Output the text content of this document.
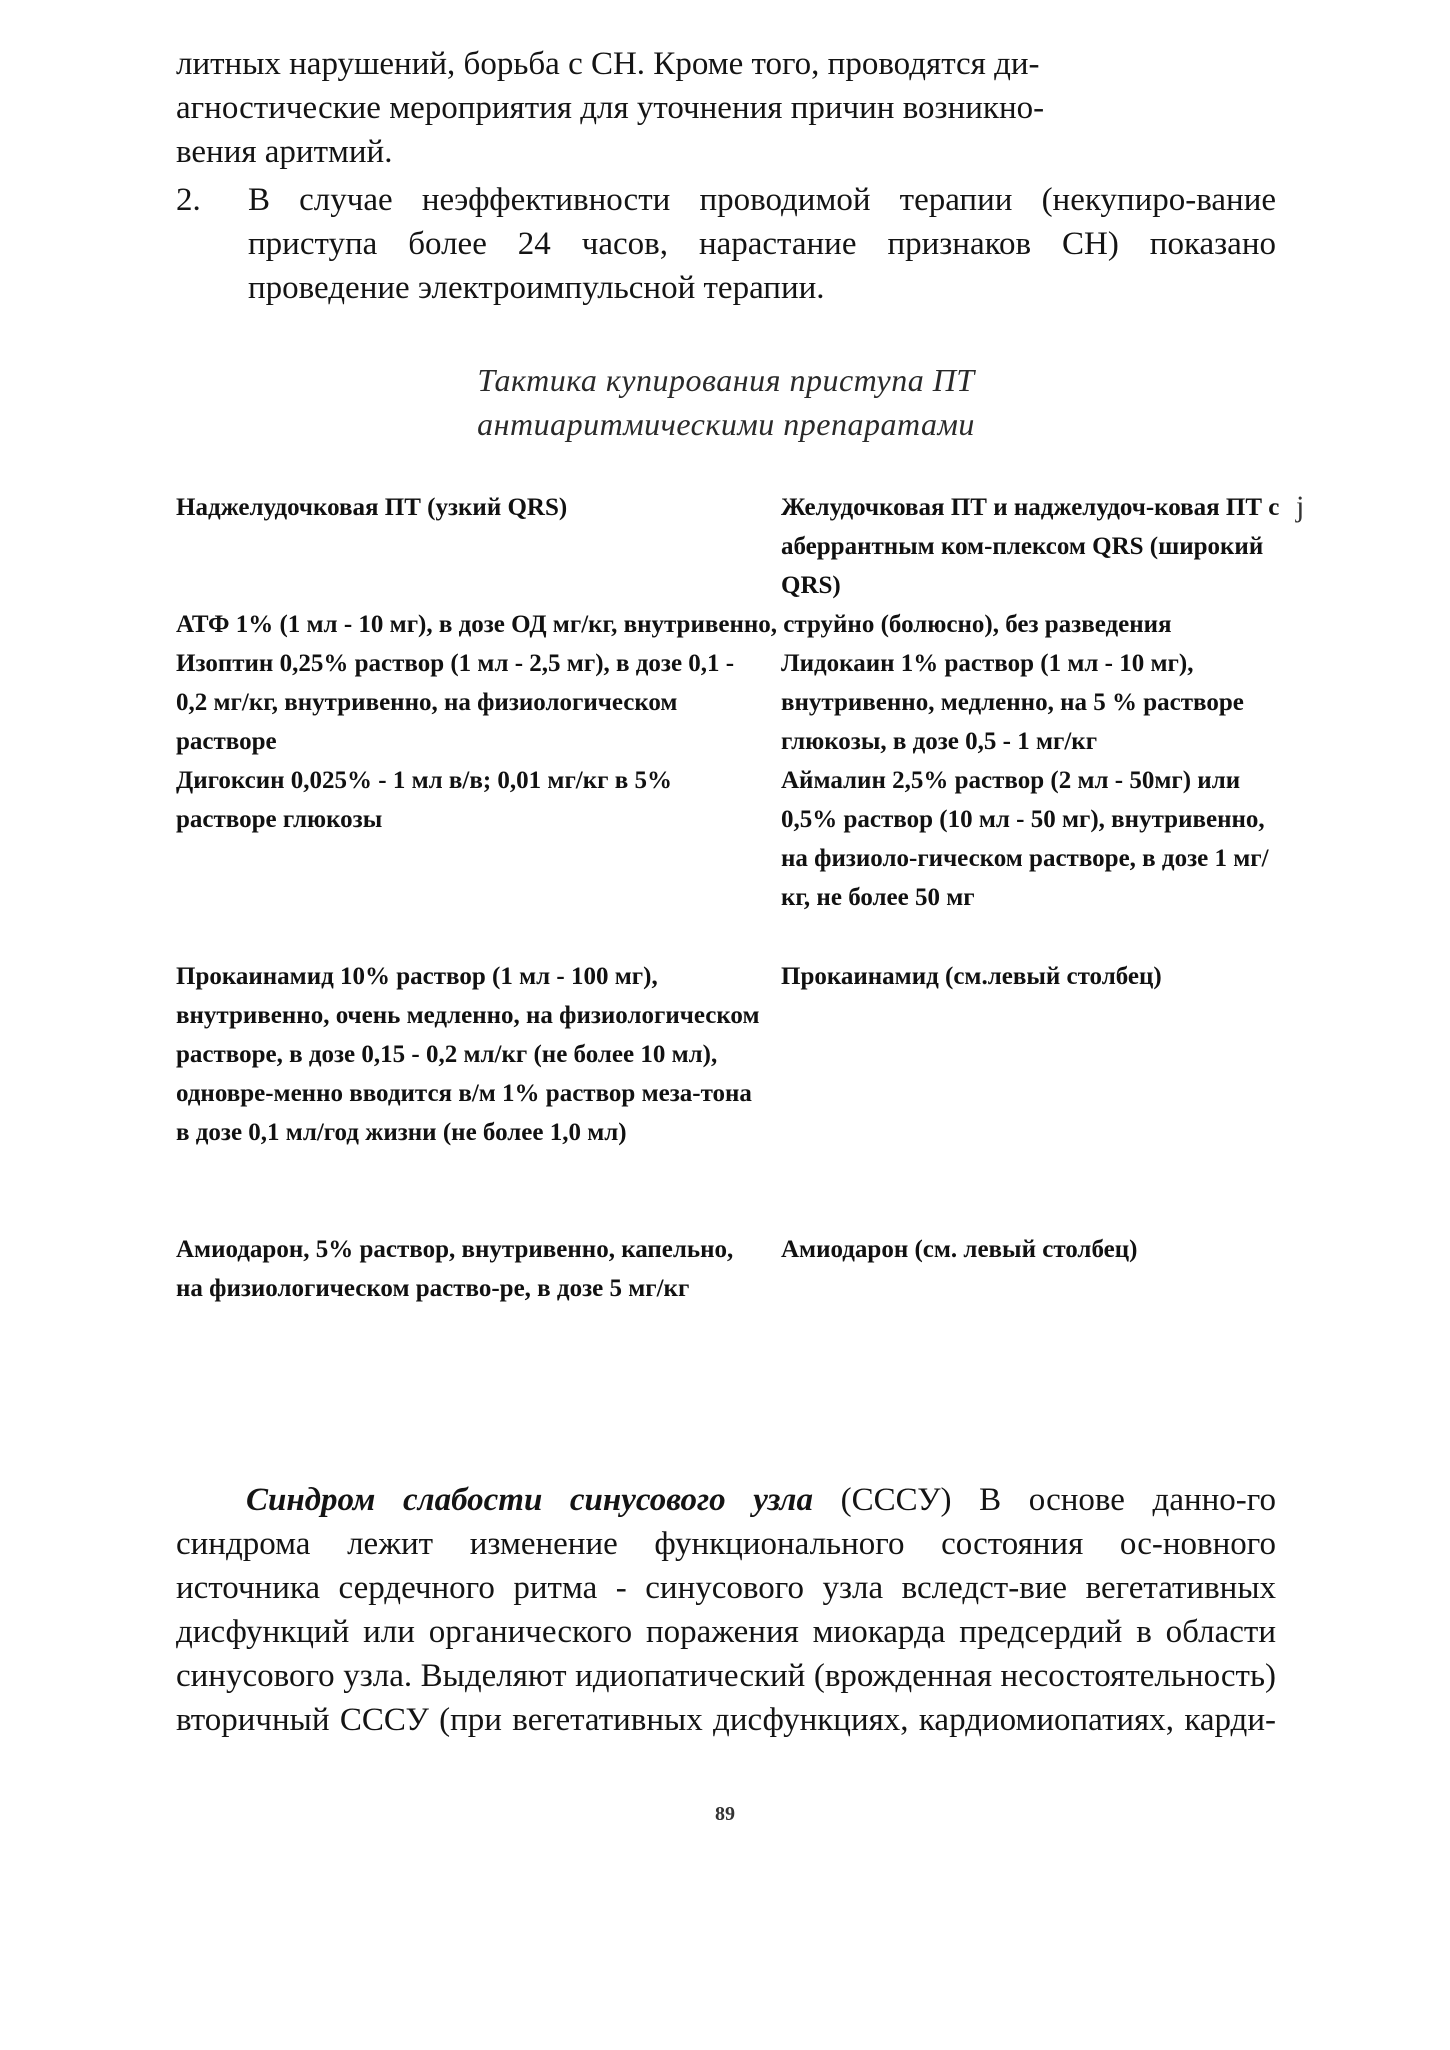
литных нарушений, борьба с СН. Кроме того, проводятся ди-

агностические мероприятия для уточнения причин возникно-

вения аритмий.

2. В случае неэффективности проводимой терапии (некупиро-вание приступа более 24 часов, нарастание признаков СН) показано проведение электроимпульсной терапии.
Тактика купирования приступа ПТ
антиаритмическими препаратами
j
Наджелудочковая ПТ (узкий QRS)	Желудочковая ПТ и наджелудоч-ковая ПТ с аберрантным ком-плексом QRS (широкий QRS)
АТФ 1% (1 мл - 10 мг), в дозе ОД мг/кг, внутривенно, струйно (болюсно), без разведения
Изоптин 0,25% раствор (1 мл - 2,5 мг), в дозе 0,1 - 0,2 мг/кг, внутривенно, на физиологическом растворе
Лидокаин 1% раствор (1 мл - 10 мг), внутривенно, медленно, на 5 % растворе глюкозы, в дозе 0,5 - 1 мг/кг
Дигоксин 0,025% - 1 мл в/в; 0,01 мг/кг в 5% растворе глюкозы
Аймалин 2,5% раствор (2 мл - 50мг) или 0,5% раствор (10 мл - 50 мг), внутривенно, на физиоло-гическом растворе, в дозе 1 мг/кг, не более 50 мг
Прокаинамид 10% раствор (1 мл - 100 мг), внутривенно, очень медленно, на физиологическом растворе, в дозе 0,15 - 0,2 мл/кг (не более 10 мл), одновре-менно вводится в/м 1% раствор меза-тона в дозе 0,1 мл/год жизни (не более 1,0 мл)
Прокаинамид (см.левый столбец)
Амиодарон, 5% раствор, внутривенно, капельно, на физиологическом раство-ре, в дозе 5 мг/кг
Амиодарон (см. левый столбец)

Синдром слабости синусового узла (СССУ) В основе данно-го синдрома лежит изменение функционального состояния ос-новного источника сердечного ритма - синусового узла вследст-вие вегетативных дисфункций или органического поражения миокарда предсердий в области синусового узла. Выделяют идиопатический (врожденная несостоятельность) вторичный СССУ (при вегетативных дисфункциях, кардиомиопатиях, карди-

89
